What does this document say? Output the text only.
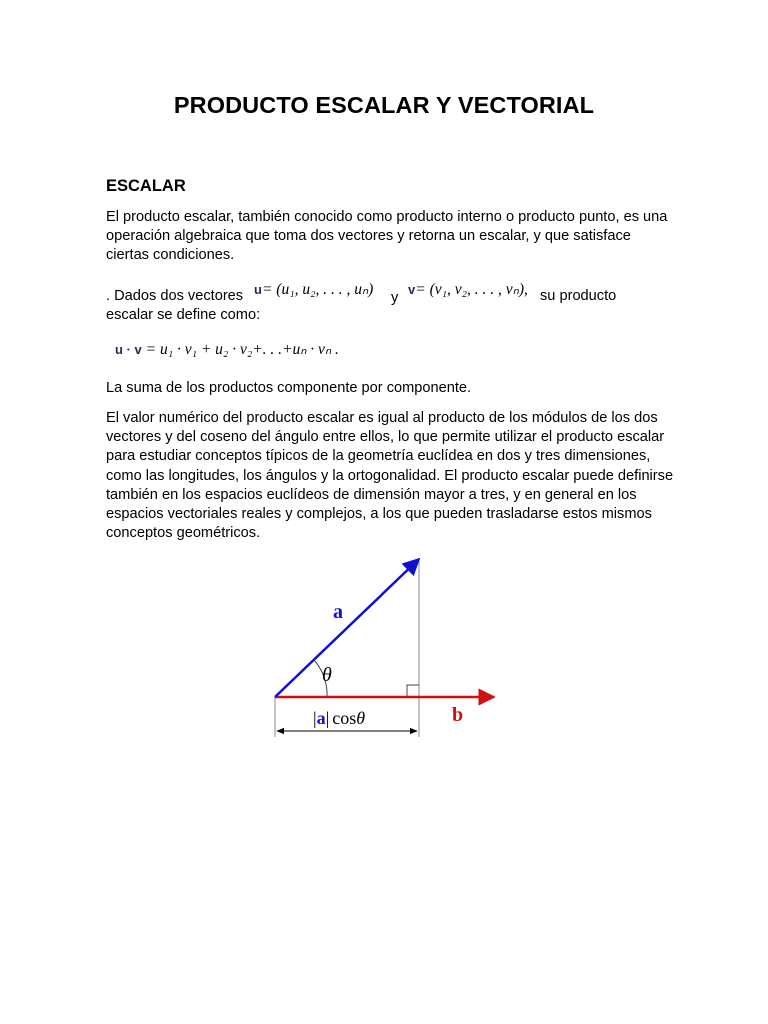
PRODUCTO ESCALAR Y VECTORIAL
ESCALAR

El producto escalar, también conocido como producto interno o producto punto, es una operación algebraica que toma dos vectores y retorna un escalar, y que satisface ciertas condiciones.

. Dados dos vectores u= (u₁, u₂, . . . , uₙ) y
v= (v₁, v₂, . . . , vₙ), su producto
escalar se define como:
u · v = u₁ · v₁ + u₂ · v₂+. . .+uₙ · vₙ .

La suma de los productos componente por componente.

El valor numérico del producto escalar es igual al producto de los módulos de los dos vectores y del coseno del ángulo entre ellos, lo que permite utilizar el producto escalar para estudiar conceptos típicos de la geometría euclídea en dos y tres dimensiones, como las longitudes, los ángulos y la ortogonalidad. El producto escalar puede definirse también en los espacios euclídeos de dimensión mayor a tres, y en general en los espacios vectoriales reales y complejos, a los que pueden trasladarse estos mismos conceptos geométricos.

a
θ
b
|a| cosθ
